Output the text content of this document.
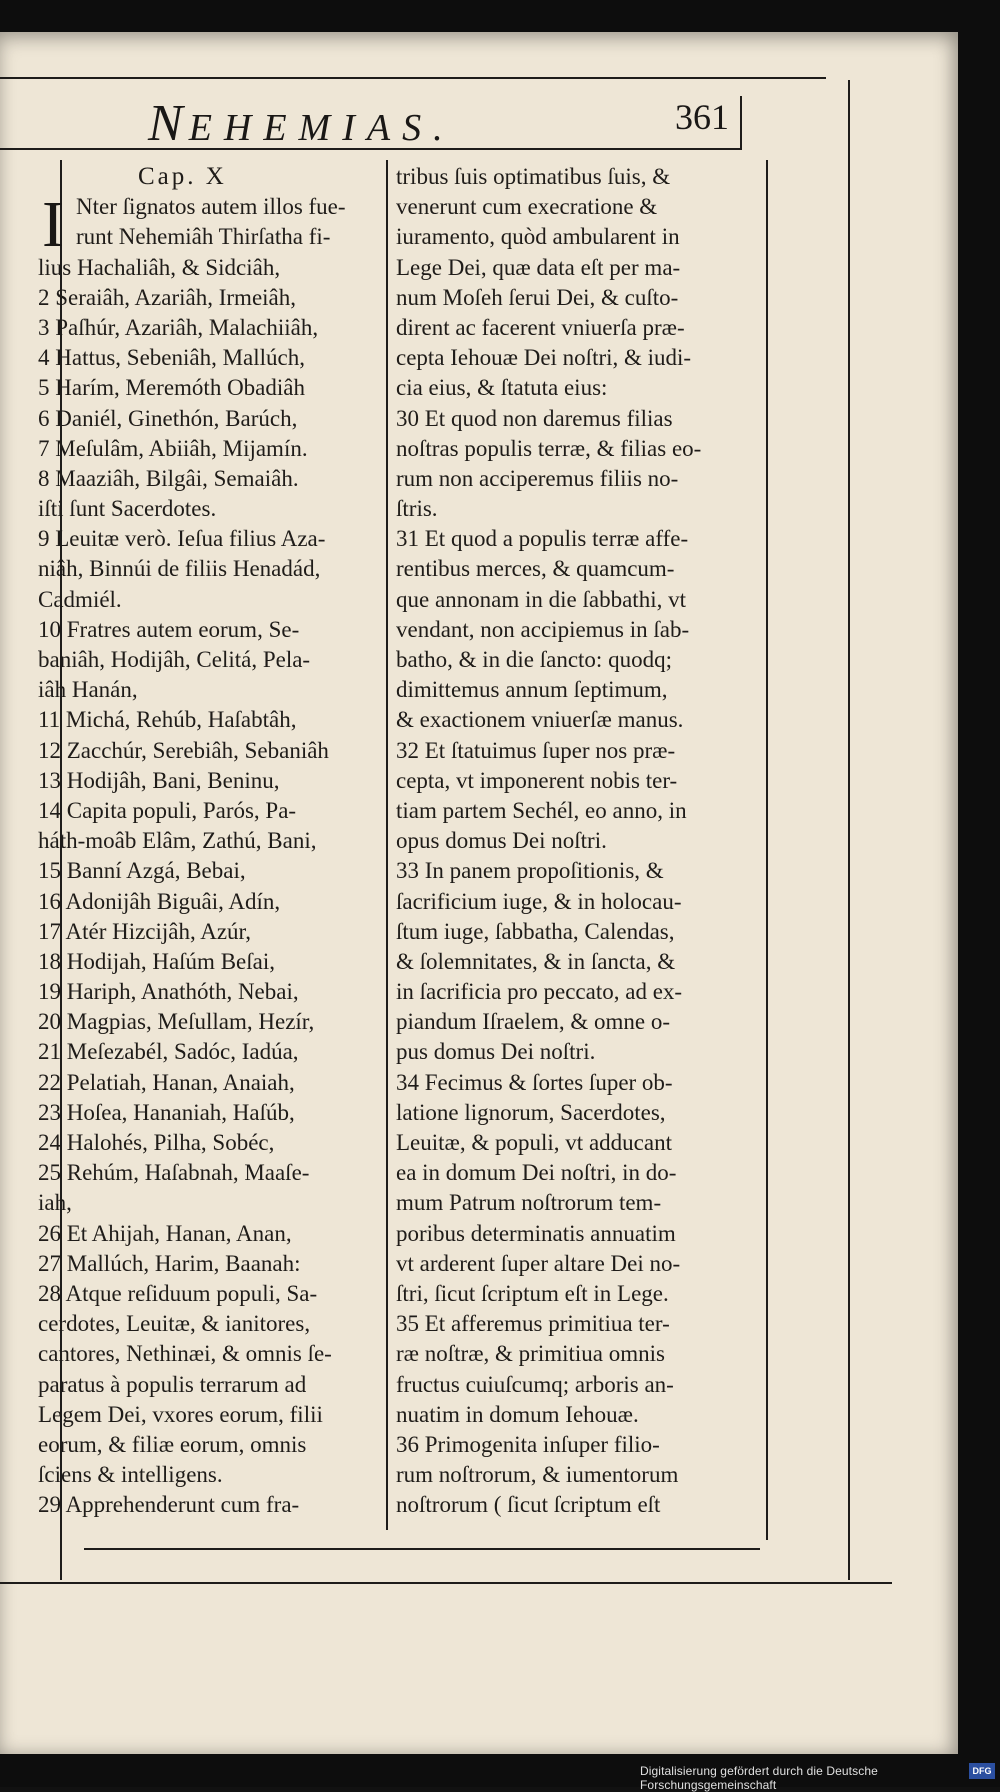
NEHEMIAS.	361
Cap. X
I Nter ſignatos autem illos fue-
runt Nehemiâh Thirſatha fi-
lius Hachaliâh, & Sidciâh,
2 Seraiâh, Azariâh, Irmeiâh,
3 Paſhúr, Azariâh, Malachiiâh,
4 Hattus, Sebeniâh, Mallúch,
5 Harím, Meremóth Obadiâh
6 Daniél, Ginethón, Barúch,
7 Meſulâm, Abiiâh, Mijamín.
8 Maaziâh, Bilgâi, Semaiâh.
iſti ſunt Sacerdotes.
9 Leuitæ verò. Ieſua filius Aza-
niâh, Binnúi de filiis Henadád,
Cadmiél.
10 Fratres autem eorum, Se-
baniâh, Hodijâh, Celitá, Pela-
iâh Hanán,
11 Michá, Rehúb, Haſabtâh,
12 Zacchúr, Serebiâh, Sebaniâh
13 Hodijâh, Bani, Beninu,
14 Capita populi, Parós, Pa-
háth-moâb Elâm, Zathú, Bani,
15 Banní Azgá, Bebai,
16 Adonijâh Biguâi, Adín,
17 Atér Hizcijâh, Azúr,
18 Hodijah, Haſúm Beſai,
19 Hariph, Anathóth, Nebai,
20 Magpias, Meſullam, Hezír,
21 Meſezabél, Sadóc, Iadúa,
22 Pelatiah, Hanan, Anaiah,
23 Hoſea, Hananiah, Haſúb,
24 Halohés, Pilha, Sobéc,
25 Rehúm, Haſabnah, Maaſe-
iah,
26 Et Ahijah, Hanan, Anan,
27 Mallúch, Harim, Baanah:
28 Atque reſiduum populi, Sa-
cerdotes, Leuitæ, & ianitores,
cantores, Nethinæi, & omnis ſe-
paratus à populis terrarum ad
Legem Dei, vxores eorum, filii
eorum, & filiæ eorum, omnis
ſciens & intelligens.
29 Apprehenderunt cum fra-
tribus ſuis optimatibus ſuis, &
venerunt cum execratione &
iuramento, quòd ambularent in
Lege Dei, quæ data eſt per ma-
num Moſeh ſerui Dei, & cuſto-
dirent ac facerent vniuerſa præ-
cepta Iehouæ Dei noſtri, & iudi-
cia eius, & ſtatuta eius:
30 Et quod non daremus filias
noſtras populis terræ, & filias eo-
rum non acciperemus filiis no-
ſtris.
31 Et quod a populis terræ affe-
rentibus merces, & quamcum-
que annonam in die ſabbathi, vt
vendant, non accipiemus in ſab-
batho, & in die ſancto: quodq;
dimittemus annum ſeptimum,
& exactionem vniuerſæ manus.
32 Et ſtatuimus ſuper nos præ-
cepta, vt imponerent nobis ter-
tiam partem Sechél, eo anno, in
opus domus Dei noſtri.
33 In panem propoſitionis, &
ſacrificium iuge, & in holocau-
ſtum iuge, ſabbatha, Calendas,
& ſolemnitates, & in ſancta, &
in ſacrificia pro peccato, ad ex-
piandum Iſraelem, & omne o-
pus domus Dei noſtri.
34 Fecimus & ſortes ſuper ob-
latione lignorum, Sacerdotes,
Leuitæ, & populi, vt adducant
ea in domum Dei noſtri, in do-
mum Patrum noſtrorum tem-
poribus determinatis annuatim
vt arderent ſuper altare Dei no-
ſtri, ſicut ſcriptum eſt in Lege.
35 Et afferemus primitiua ter-
ræ noſtræ, & primitiua omnis
fructus cuiuſcumq; arboris an-
nuatim in domum Iehouæ.
36 Primogenita inſuper filio-
rum noſtrorum, & iumentorum
noſtrorum ( ſicut ſcriptum eſt
Digitalisierung gefördert durch die Deutsche Forschungsgemeinschaft
DFG
